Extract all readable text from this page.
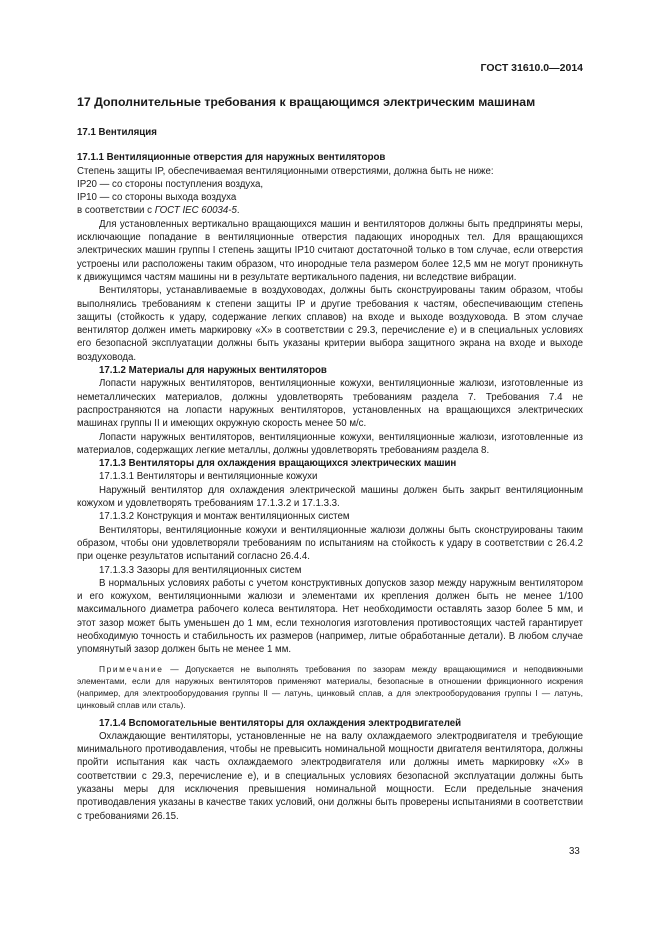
ГОСТ 31610.0—2014
17 Дополнительные требования к вращающимся электрическим машинам
17.1 Вентиляция
17.1.1 Вентиляционные отверстия для наружных вентиляторов

Степень защиты IP, обеспечиваемая вентиляционными отверстиями, должна быть не ниже:

IP20 — со стороны поступления воздуха,

IP10 — со стороны выхода воздуха

в соответствии с ГОСТ IEC 60034-5.

Для установленных вертикально вращающихся машин и вентиляторов должны быть предприняты меры, исключающие попадание в вентиляционные отверстия падающих инородных тел. Для вращающихся электрических машин группы I степень защиты IP10 считают достаточной только в том случае, если отверстия устроены или расположены таким образом, что инородные тела размером более 12,5 мм не могут проникнуть к движущимся частям машины ни в результате вертикального падения, ни вследствие вибрации.

Вентиляторы, устанавливаемые в воздуховодах, должны быть сконструированы таким образом, чтобы выполнялись требованиям к степени защиты IP и другие требования к частям, обеспечивающим степень защиты (стойкость к удару, содержание легких сплавов) на входе и выходе воздуховода. В этом случае вентилятор должен иметь маркировку «X» в соответствии с 29.3, перечисление е) и в специальных условиях его безопасной эксплуатации должны быть указаны критерии выбора защитного экрана на входе и выходе воздуховода.

17.1.2 Материалы для наружных вентиляторов

Лопасти наружных вентиляторов, вентиляционные кожухи, вентиляционные жалюзи, изготовленные из неметаллических материалов, должны удовлетворять требованиям раздела 7. Требования 7.4 не распространяются на лопасти наружных вентиляторов, установленных на вращающихся электрических машинах группы II и имеющих окружную скорость менее 50 м/с.

Лопасти наружных вентиляторов, вентиляционные кожухи, вентиляционные жалюзи, изготовленные из материалов, содержащих легкие металлы, должны удовлетворять требованиям раздела 8.

17.1.3 Вентиляторы для охлаждения вращающихся электрических машин

17.1.3.1 Вентиляторы и вентиляционные кожухи

Наружный вентилятор для охлаждения электрической машины должен быть закрыт вентиляционным кожухом и удовлетворять требованиям 17.1.3.2 и 17.1.3.3.

17.1.3.2 Конструкция и монтаж вентиляционных систем

Вентиляторы, вентиляционные кожухи и вентиляционные жалюзи должны быть сконструированы таким образом, чтобы они удовлетворяли требованиям по испытаниям на стойкость к удару в соответствии с 26.4.2 при оценке результатов испытаний согласно 26.4.4.

17.1.3.3 Зазоры для вентиляционных систем

В нормальных условиях работы с учетом конструктивных допусков зазор между наружным вентилятором и его кожухом, вентиляционными жалюзи и элементами их крепления должен быть не менее 1/100 максимального диаметра рабочего колеса вентилятора. Нет необходимости оставлять зазор более 5 мм, и этот зазор может быть уменьшен до 1 мм, если технология изготовления противостоящих частей гарантирует необходимую точность и стабильность их размеров (например, литые обработанные детали). В любом случае упомянутый зазор должен быть не менее 1 мм.

Примечание — Допускается не выполнять требования по зазорам между вращающимися и неподвижными элементами, если для наружных вентиляторов применяют материалы, безопасные в отношении фрикционного искрения (например, для электрооборудования группы II — латунь, цинковый сплав, а для электрооборудования группы I — латунь, цинковый сплав или сталь).

17.1.4 Вспомогательные вентиляторы для охлаждения электродвигателей

Охлаждающие вентиляторы, установленные не на валу охлаждаемого электродвигателя и требующие минимального противодавления, чтобы не превысить номинальной мощности двигателя вентилятора, должны пройти испытания как часть охлаждаемого электродвигателя или должны иметь маркировку «X» в соответствии с 29.3, перечисление е), и в специальных условиях безопасной эксплуатации должны быть указаны меры для исключения превышения номинальной мощности. Если предельные значения противодавления указаны в качестве таких условий, они должны быть проверены испытаниями в соответствии с требованиями 26.15.

33
